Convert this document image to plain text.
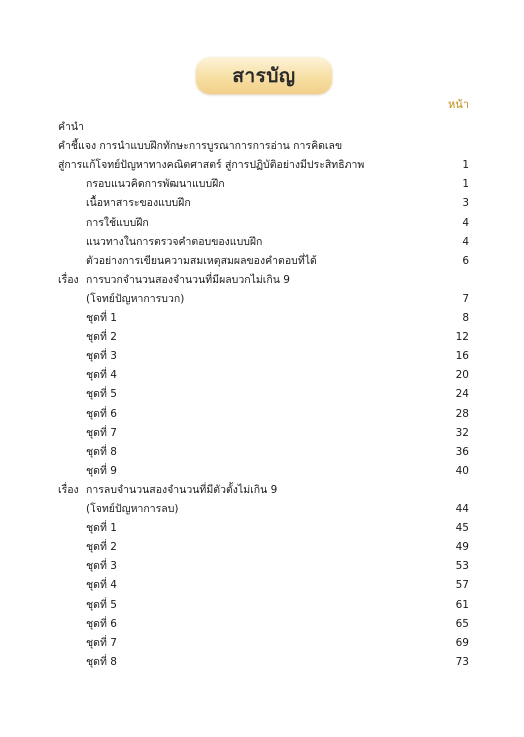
สารบัญ
หน้า
คำนำ
คำชี้แจง การนำแบบฝึกทักษะการบูรณาการการอ่าน การคิดเลข
สู่การแก้โจทย์ปัญหาทางคณิตศาสตร์ สู่การปฏิบัติอย่างมีประสิทธิภาพ	1
กรอบแนวคิดการพัฒนาแบบฝึก	1
เนื้อหาสาระของแบบฝึก	3
การใช้แบบฝึก	4
แนวทางในการตรวจคำตอบของแบบฝึก	4
ตัวอย่างการเขียนความสมเหตุสมผลของคำตอบที่ได้	6
เรื่อง การบวกจำนวนสองจำนวนที่มีผลบวกไม่เกิน 9
(โจทย์ปัญหาการบวก)	7
ชุดที่ 1	8
ชุดที่ 2	12
ชุดที่ 3	16
ชุดที่ 4	20
ชุดที่ 5	24
ชุดที่ 6	28
ชุดที่ 7	32
ชุดที่ 8	36
ชุดที่ 9	40
เรื่อง การลบจำนวนสองจำนวนที่มีตัวตั้งไม่เกิน 9
(โจทย์ปัญหาการลบ)	44
ชุดที่ 1	45
ชุดที่ 2	49
ชุดที่ 3	53
ชุดที่ 4	57
ชุดที่ 5	61
ชุดที่ 6	65
ชุดที่ 7	69
ชุดที่ 8	73
